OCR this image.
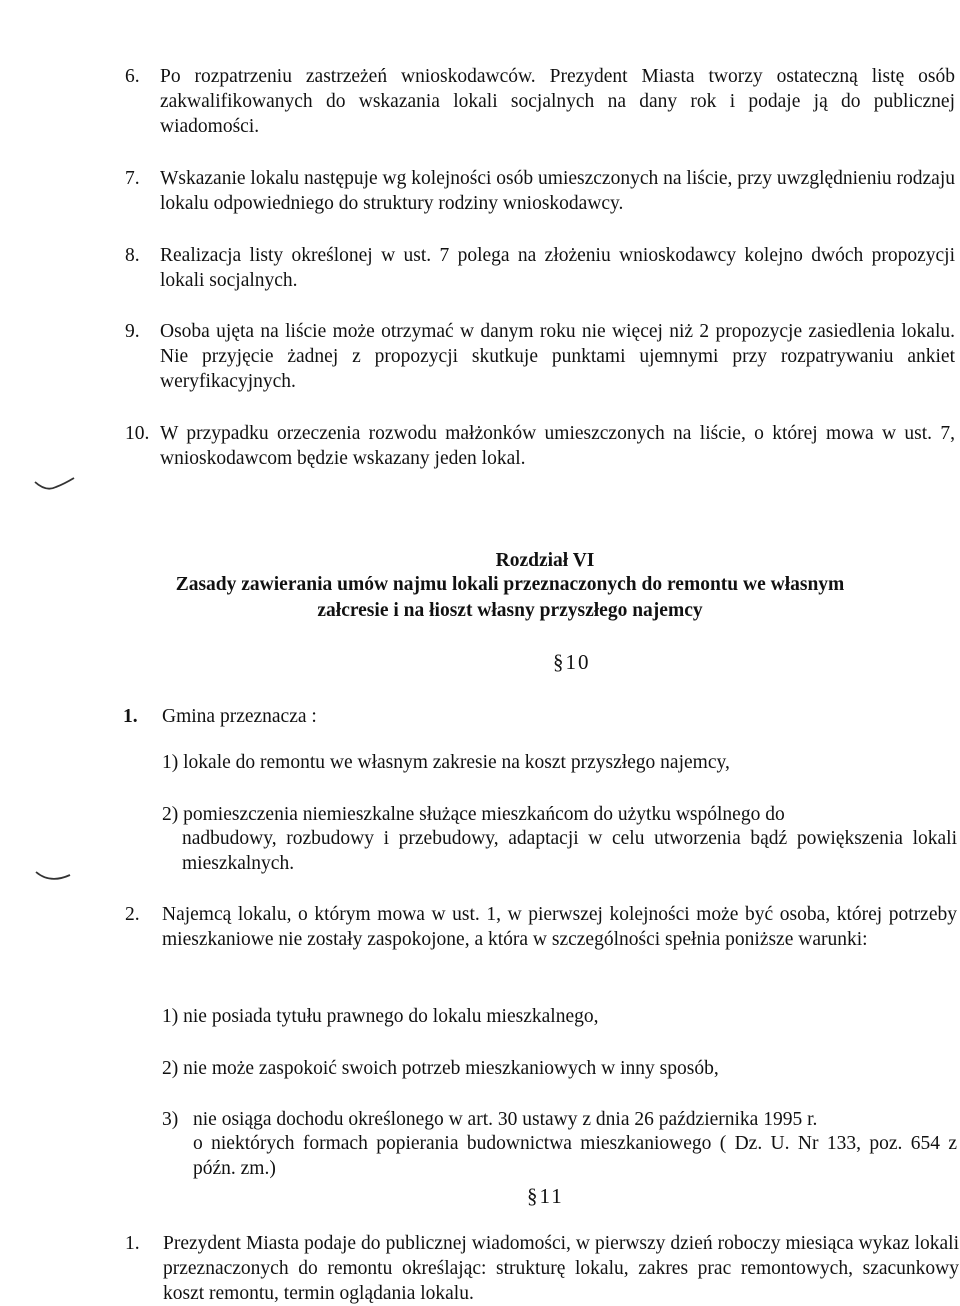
6. Po rozpatrzeniu zastrzeżeń wnioskodawców. Prezydent Miasta tworzy ostateczną listę osób zakwalifikowanych do wskazania lokali socjalnych na dany rok i podaje ją do publicznej wiadomości.
7. Wskazanie lokalu następuje wg kolejności osób umieszczonych na liście, przy uwzględnieniu rodzaju lokalu odpowiedniego do struktury rodziny wnioskodawcy.
8. Realizacja listy określonej w ust. 7 polega na złożeniu wnioskodawcy kolejno dwóch propozycji lokali socjalnych.
9. Osoba ujęta na liście może otrzymać w danym roku nie więcej niż 2 propozycje zasiedlenia lokalu. Nie przyjęcie żadnej z propozycji skutkuje punktami ujemnymi przy rozpatrywaniu ankiet weryfikacyjnych.
10. W przypadku orzeczenia rozwodu małżonków umieszczonych na liście, o której mowa w ust. 7, wnioskodawcom będzie wskazany jeden lokal.
Rozdział VI
Zasady zawierania umów najmu lokali przeznaczonych do remontu we własnym
załcresie i na łioszt własny przyszłego najemcy
§10
1. Gmina przeznacza :
1) lokale do remontu we własnym zakresie na koszt przyszłego najemcy,
2) pomieszczenia niemieszkalne służące mieszkańcom do użytku wspólnego do
nadbudowy, rozbudowy i przebudowy, adaptacji w celu utworzenia bądź powiększenia lokali mieszkalnych.
2. Najemcą lokalu, o którym mowa w ust. 1, w pierwszej kolejności może być osoba, której potrzeby mieszkaniowe nie zostały zaspokojone, a która w szczególności spełnia poniższe warunki:
1) nie posiada tytułu prawnego do lokalu mieszkalnego,
2) nie może zaspokoić swoich potrzeb mieszkaniowych w inny sposób,
3) nie osiąga dochodu określonego w art. 30 ustawy z dnia 26 października 1995 r.
o niektórych formach popierania budownictwa mieszkaniowego ( Dz. U. Nr 133, poz. 654 z późn. zm.)
§11
1. Prezydent Miasta podaje do publicznej wiadomości, w pierwszy dzień roboczy miesiąca wykaz lokali przeznaczonych do remontu określając: strukturę lokalu, zakres prac remontowych, szacunkowy koszt remontu, termin oglądania lokalu.
